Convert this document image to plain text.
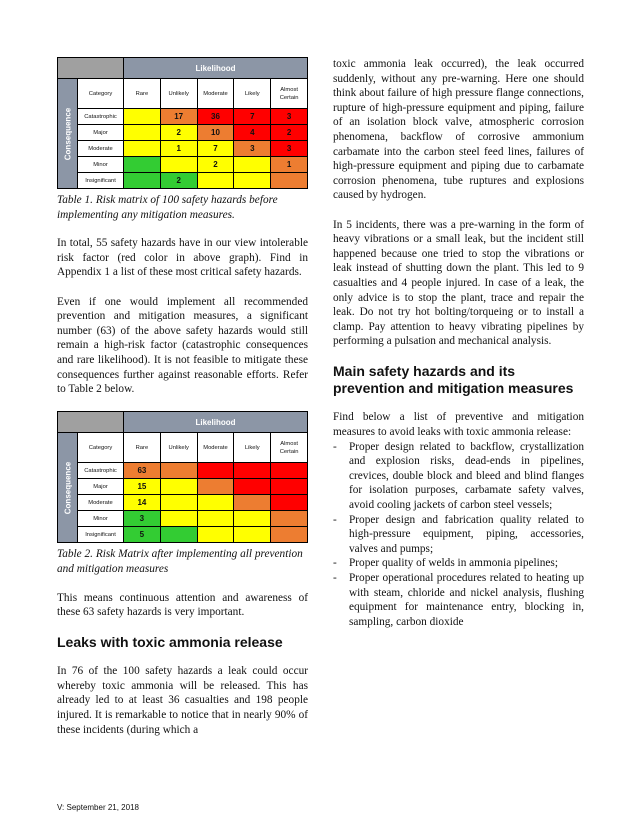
		Likelihood				

Consequence	Category	Rare	Unlikely	Moderate	Likely	Almost Certain
	Catastrophic		17	36	7	3
	Major		2	10	4	2
	Moderate		1	7	3	3
	Minor			2		1
	Insignificant		2			
Table 1. Risk matrix of 100 safety hazards before implementing any mitigation measures.

In total, 55 safety hazards have in our view intolerable risk factor (red color in above graph). Find in Appendix 1 a list of these most critical safety hazards.

Even if one would implement all recommended prevention and mitigation measures, a significant number (63) of the above safety hazards would still remain a high-risk factor (catastrophic consequences and rare likelihood). It is not feasible to mitigate these consequences further against reasonable efforts. Refer to Table 2 below.

		Likelihood				

Consequence	Category	Rare	Unlikely	Moderate	Likely	Almost Certain
	Catastrophic	63				
	Major	15				
	Moderate	14				
	Minor	3				
	Insignificant	5				
Table 2. Risk Matrix after implementing all prevention and mitigation measures

This means continuous attention and awareness of these 63 safety hazards is very important.

Leaks with toxic ammonia release

In 76 of the 100 safety hazards a leak could occur whereby toxic ammonia will be released. This has already led to at least 36 casualties and 198 people injured. It is remarkable to notice that in nearly 90% of these incidents (during which a

toxic ammonia leak occurred), the leak occurred suddenly, without any pre-warning. Here one should think about failure of high pressure flange connections, rupture of high-pressure equipment and piping, failure of an isolation block valve, atmospheric corrosion phenomena, backflow of corrosive ammonium carbamate into the carbon steel feed lines, failures of high-pressure equipment and piping due to carbamate corrosion phenomena, tube ruptures and explosions caused by hydrogen.

In 5 incidents, there was a pre-warning in the form of heavy vibrations or a small leak, but the incident still happened because one tried to stop the vibrations or leak instead of shutting down the plant. This led to 9 casualties and 4 people injured. In case of a leak, the only advice is to stop the plant, trace and repair the leak. Do not try hot bolting/torqueing or to install a clamp. Pay attention to heavy vibrating pipelines by performing a pulsation and mechanical analysis.

Main safety hazards and its prevention and mitigation measures

Find below a list of preventive and mitigation measures to avoid leaks with toxic ammonia release:

- Proper design related to backflow, crystallization and explosion risks, dead-ends in pipelines, crevices, double block and bleed and blind flanges for isolation purposes, carbamate safety valves, avoid cooling jackets of carbon steel vessels;
- Proper design and fabrication quality related to high-pressure equipment, piping, accessories, valves and pumps;
- Proper quality of welds in ammonia pipelines;
- Proper operational procedures related to heating up with steam, chloride and nickel analysis, flushing equipment for maintenance entry, blocking in, sampling, carbon dioxide
V: September 21, 2018
